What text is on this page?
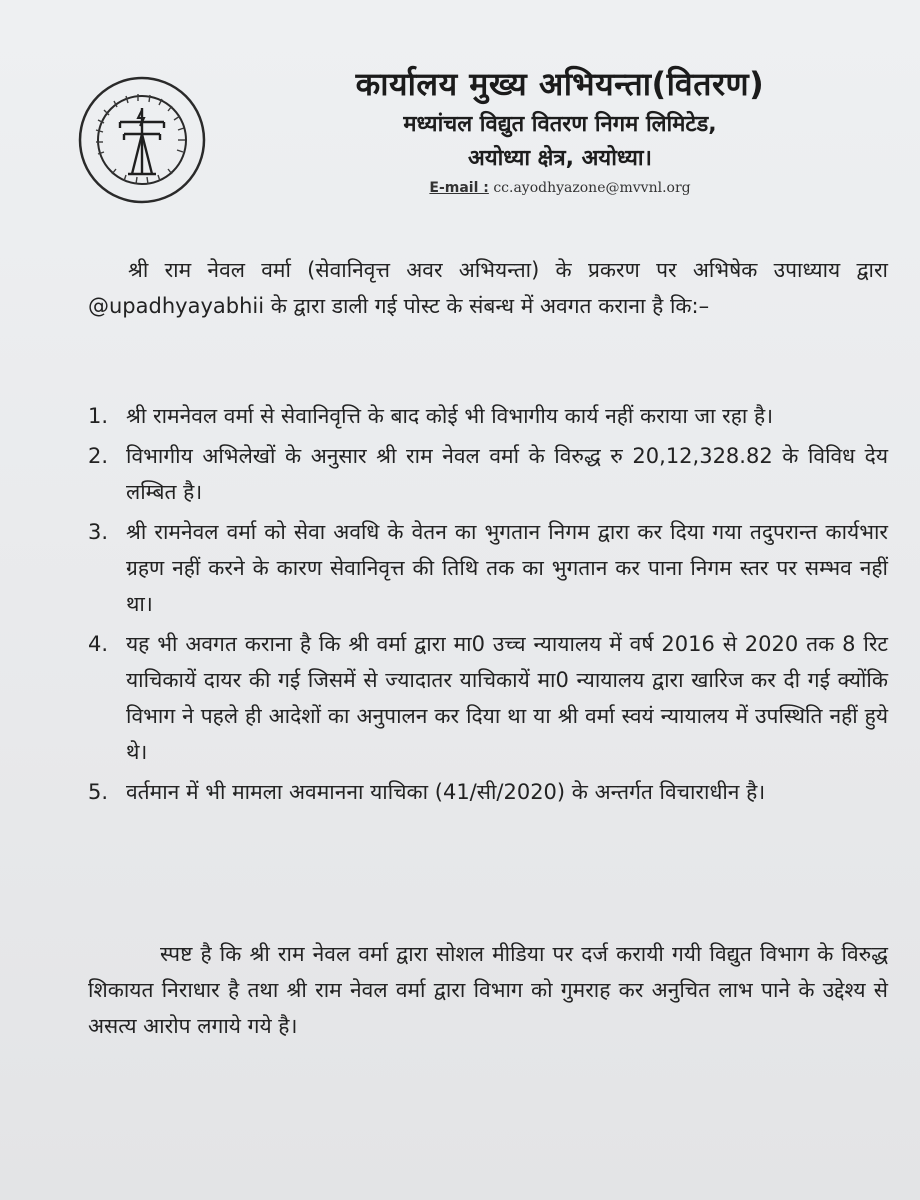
कार्यालय मुख्य अभियन्ता(वितरण)
मध्यांचल विद्युत वितरण निगम लिमिटेड,
अयोध्या क्षेत्र, अयोध्या।
E-mail : cc.ayodhyazone@mvvnl.org
श्री राम नेवल वर्मा (सेवानिवृत्त अवर अभियन्ता) के प्रकरण पर अभिषेक उपाध्याय द्वारा @upadhyayabhii के द्वारा डाली गई पोस्ट के संबन्ध में अवगत कराना है कि:–
1. श्री रामनेवल वर्मा से सेवानिवृत्ति के बाद कोई भी विभागीय कार्य नहीं कराया जा रहा है।
2. विभागीय अभिलेखों के अनुसार श्री राम नेवल वर्मा के विरुद्ध रु 20,12,328.82 के विविध देय लम्बित है।
3. श्री रामनेवल वर्मा को सेवा अवधि के वेतन का भुगतान निगम द्वारा कर दिया गया तदुपरान्त कार्यभार ग्रहण नहीं करने के कारण सेवानिवृत्त की तिथि तक का भुगतान कर पाना निगम स्तर पर सम्भव नहीं था।
4. यह भी अवगत कराना है कि श्री वर्मा द्वारा मा0 उच्च न्यायालय में वर्ष 2016 से 2020 तक 8 रिट याचिकायें दायर की गई जिसमें से ज्यादातर याचिकायें मा0 न्यायालय द्वारा खारिज कर दी गई क्योंकि विभाग ने पहले ही आदेशों का अनुपालन कर दिया था या श्री वर्मा स्वयं न्यायालय में उपस्थिति नहीं हुये थे।
5. वर्तमान में भी मामला अवमानना याचिका (41/सी/2020) के अन्तर्गत विचाराधीन है।
स्पष्ट है कि श्री राम नेवल वर्मा द्वारा सोशल मीडिया पर दर्ज करायी गयी विद्युत विभाग के विरुद्ध शिकायत निराधार है तथा श्री राम नेवल वर्मा द्वारा विभाग को गुमराह कर अनुचित लाभ पाने के उद्देश्य से असत्य आरोप लगाये गये है।
